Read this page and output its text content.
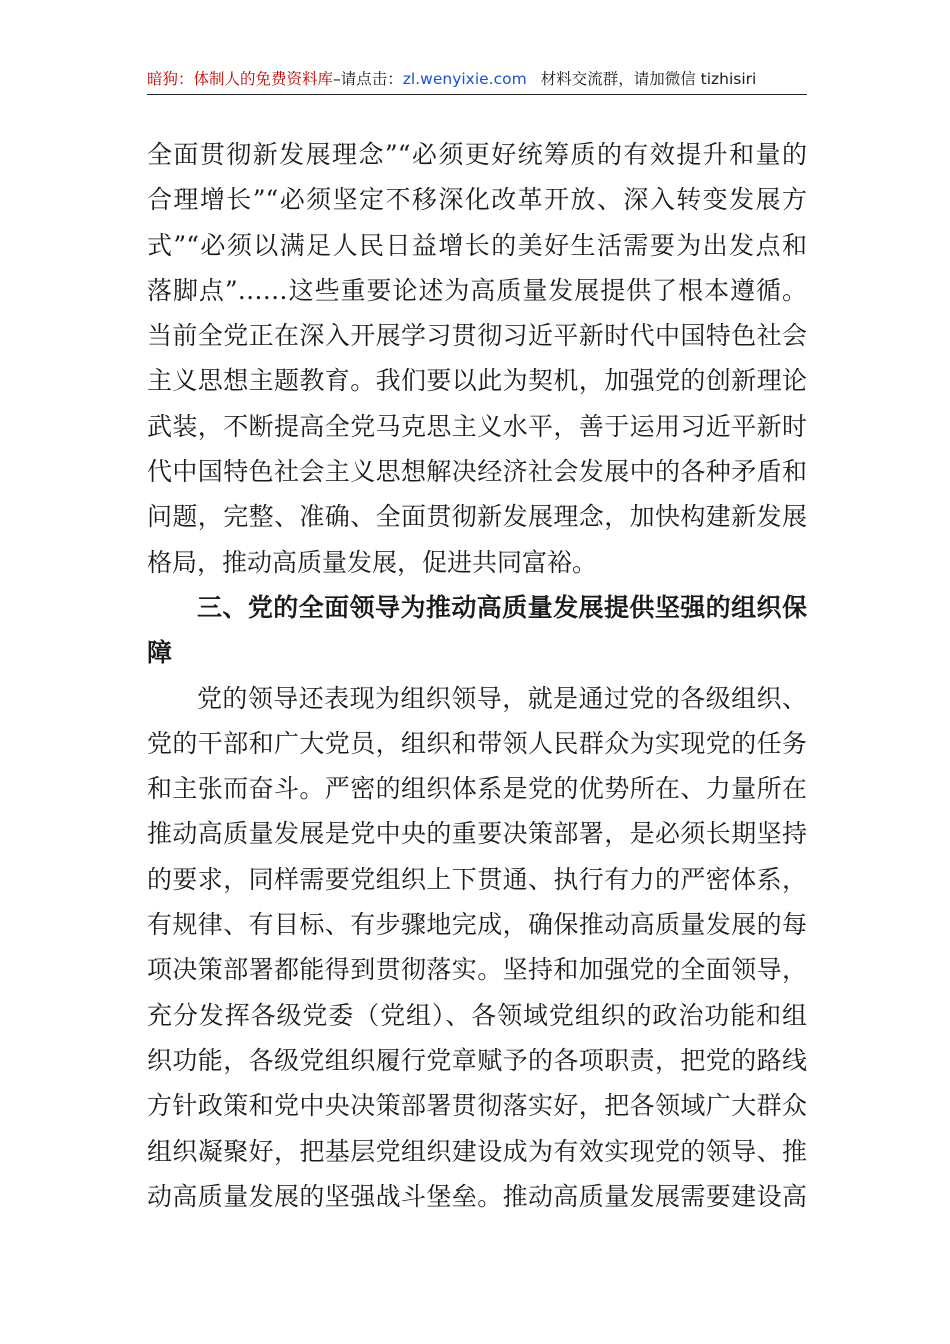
暗狗：体制人的免费资料库–请点击：zl.wenyixie.com 材料交流群，请加微信 tizhisiri
全面贯彻新发展理念”“必须更好统筹质的有效提升和量的
合理增长”“必须坚定不移深化改革开放、深入转变发展方
式”“必须以满足人民日益增长的美好生活需要为出发点和
落脚点”……这些重要论述为高质量发展提供了根本遵循。
当前全党正在深入开展学习贯彻习近平新时代中国特色社会
主义思想主题教育。我们要以此为契机，加强党的创新理论
武装，不断提高全党马克思主义水平，善于运用习近平新时
代中国特色社会主义思想解决经济社会发展中的各种矛盾和
问题，完整、准确、全面贯彻新发展理念，加快构建新发展
格局，推动高质量发展，促进共同富裕。
三、党的全面领导为推动高质量发展提供坚强的组织保
障
党的领导还表现为组织领导，就是通过党的各级组织、
党的干部和广大党员，组织和带领人民群众为实现党的任务
和主张而奋斗。严密的组织体系是党的优势所在、力量所在
推动高质量发展是党中央的重要决策部署，是必须长期坚持
的要求，同样需要党组织上下贯通、执行有力的严密体系，
有规律、有目标、有步骤地完成，确保推动高质量发展的每
项决策部署都能得到贯彻落实。坚持和加强党的全面领导，
充分发挥各级党委（党组）、各领域党组织的政治功能和组
织功能，各级党组织履行党章赋予的各项职责，把党的路线
方针政策和党中央决策部署贯彻落实好，把各领域广大群众
组织凝聚好，把基层党组织建设成为有效实现党的领导、推
动高质量发展的坚强战斗堡垒。推动高质量发展需要建设高
